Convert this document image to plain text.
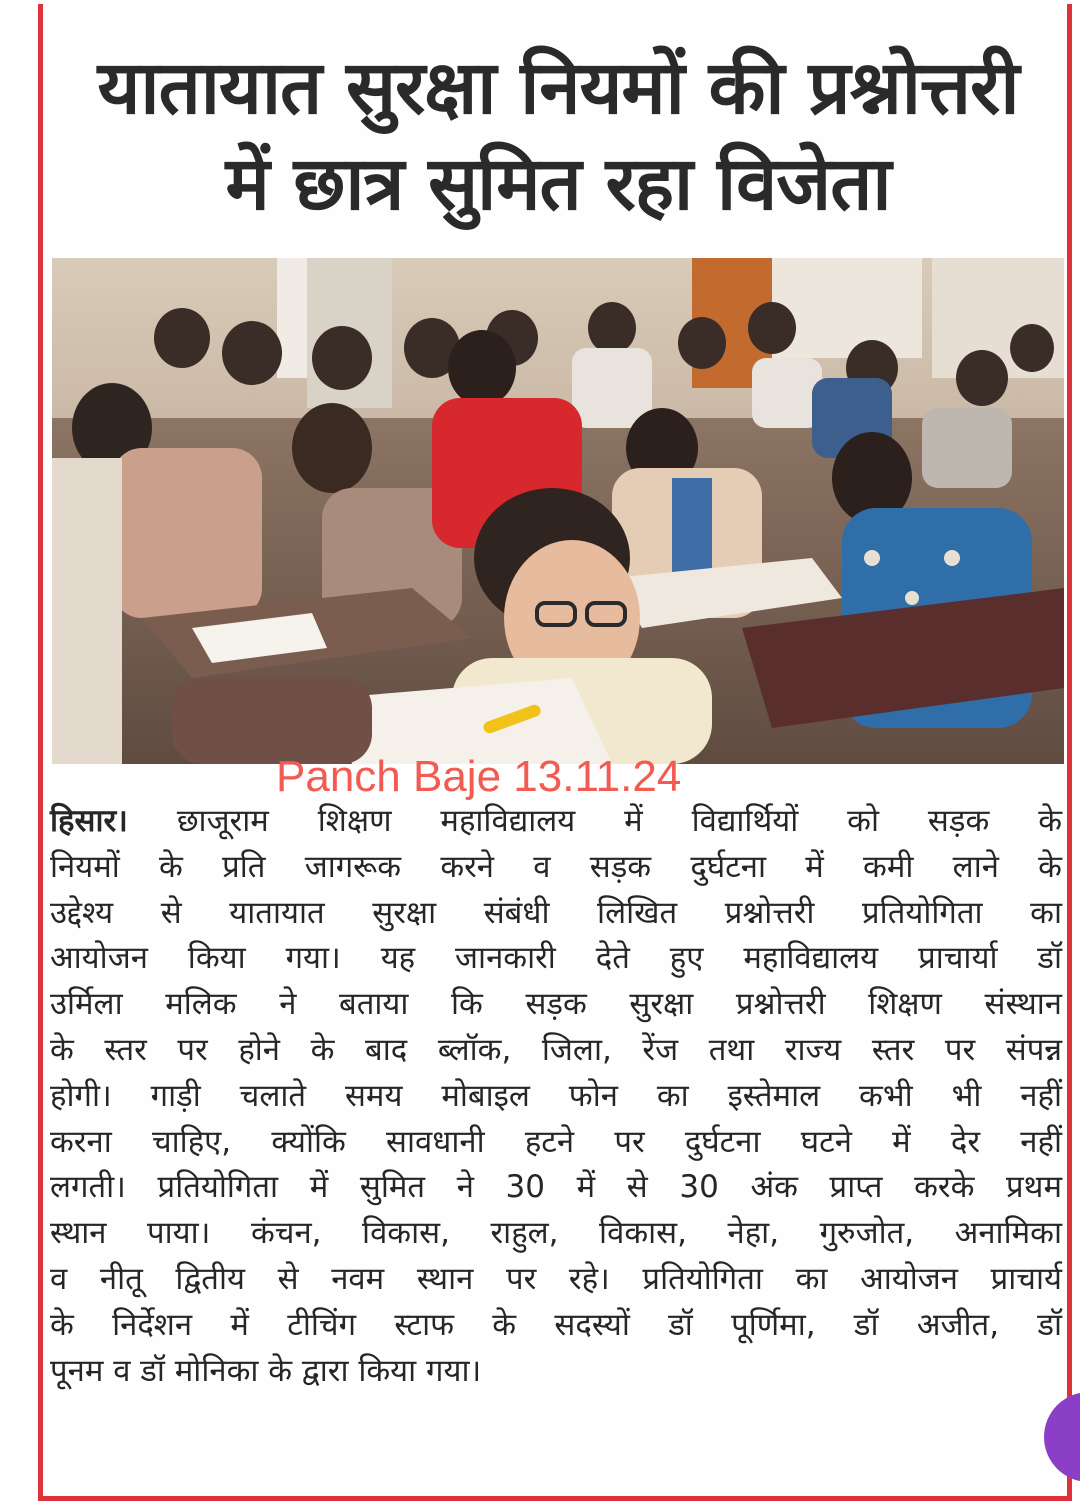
यातायात सुरक्षा नियमों की प्रश्नोत्तरी
में छात्र सुमित रहा विजेता
Panch Baje 13.11.24
हिसार। छाजूराम शिक्षण महाविद्यालय में विद्यार्थियों को सड़क के
नियमों के प्रति जागरूक करने व सड़क दुर्घटना में कमी लाने के
उद्देश्य से यातायात सुरक्षा संबंधी लिखित प्रश्नोत्तरी प्रतियोगिता का
आयोजन किया गया। यह जानकारी देते हुए महाविद्यालय प्राचार्या डॉ
उर्मिला मलिक ने बताया कि सड़क सुरक्षा प्रश्नोत्तरी शिक्षण संस्थान
के स्तर पर होने के बाद ब्लॉक, जिला, रेंज तथा राज्य स्तर पर संपन्न
होगी। गाड़ी चलाते समय मोबाइल फोन का इस्तेमाल कभी भी नहीं
करना चाहिए, क्योंकि सावधानी हटने पर दुर्घटना घटने में देर नहीं
लगती। प्रतियोगिता में सुमित ने 30 में से 30 अंक प्राप्त करके प्रथम
स्थान पाया। कंचन, विकास, राहुल, विकास, नेहा, गुरुजोत, अनामिका
व नीतू द्वितीय से नवम स्थान पर रहे। प्रतियोगिता का आयोजन प्राचार्य
के निर्देशन में टीचिंग स्टाफ के सदस्यों डॉ पूर्णिमा, डॉ अजीत, डॉ
पूनम व डॉ मोनिका के द्वारा किया गया।
